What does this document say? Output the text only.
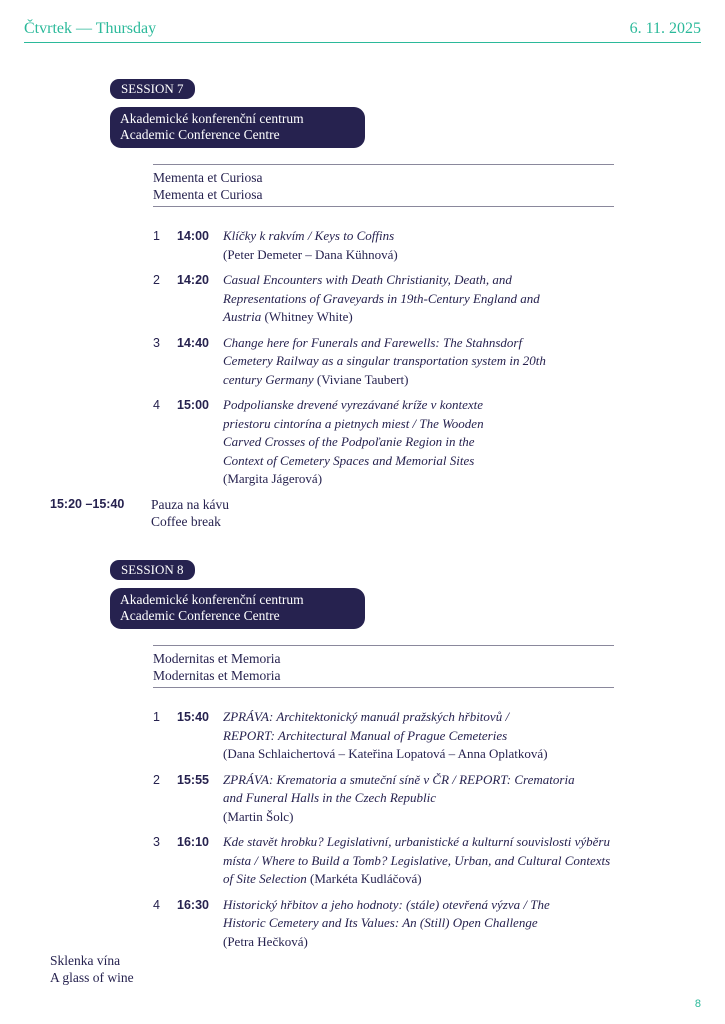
Čtvrtek — Thursday	6. 11. 2025
SESSION 7
Akademické konferenční centrum
Academic Conference Centre
Mementa et Curiosa
Mementa et Curiosa
1 14:00 Klíčky k rakvím / Keys to Coffins
(Peter Demeter – Dana Kühnová)
2 14:20 Casual Encounters with Death Christianity, Death, and Representations of Graveyards in 19th-Century England and Austria (Whitney White)
3 14:40 Change here for Funerals and Farewells: The Stahnsdorf Cemetery Railway as a singular transportation system in 20th century Germany (Viviane Taubert)
4 15:00 Podpolianske drevené vyrezávané kríže v kontexte priestoru cintorína a pietnych miest / The Wooden Carved Crosses of the Podpoľanie Region in the Context of Cemetery Spaces and Memorial Sites
(Margita Jágerová)
15:20 –15:40 Pauza na kávu
Coffee break
SESSION 8
Akademické konferenční centrum
Academic Conference Centre
Modernitas et Memoria
Modernitas et Memoria
1 15:40 ZPRÁVA: Architektonický manuál pražských hřbitovů / REPORT: Architectural Manual of Prague Cemeteries
(Dana Schlaichertová – Kateřina Lopatová – Anna Oplatková)
2 15:55 ZPRÁVA: Krematoria a smuteční síně v ČR / REPORT: Crematoria and Funeral Halls in the Czech Republic
(Martin Šolc)
3 16:10 Kde stavět hrobku? Legislativní, urbanistické a kulturní souvislosti výběru místa / Where to Build a Tomb? Legislative, Urban, and Cultural Contexts of Site Selection (Markéta Kudláčová)
4 16:30 Historický hřbitov a jeho hodnoty: (stále) otevřená výzva / The Historic Cemetery and Its Values: An (Still) Open Challenge
(Petra Hečková)
Sklenka vína
A glass of wine
8
